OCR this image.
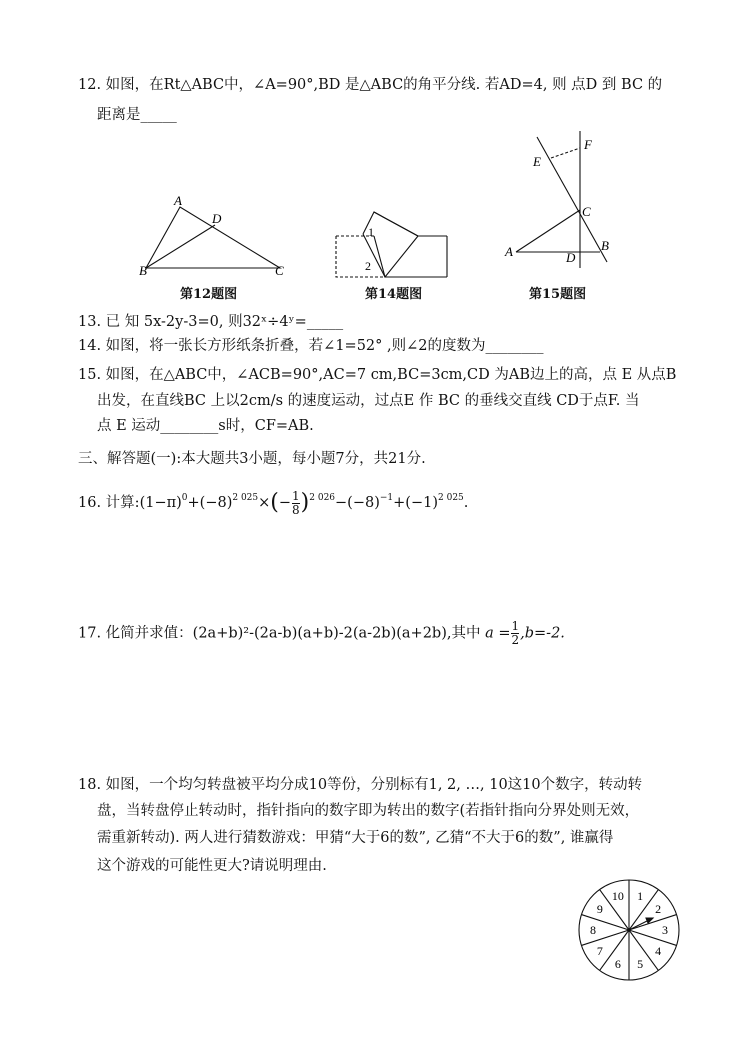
12. 如图，在Rt△ABC中，∠A=90°,BD 是△ABC的角平分线. 若AD=4, 则 点D 到 BC 的
距离是_____
A
D
B	C
1
2
F
E
C
A	B
D
1
2
3
4
5
6
7
8
9
10
第12题图	第14题图	第15题图
13. 已 知 5x-2y-3=0, 则32ˣ÷4ʸ=_____
14. 如图，将一张长方形纸条折叠，若∠1=52° ,则∠2的度数为________
15. 如图，在△ABC中，∠ACB=90°,AC=7 cm,BC=3cm,CD 为AB边上的高，点 E 从点B
出发，在直线BC 上以2cm/s 的速度运动，过点E 作 BC 的垂线交直线 CD于点F. 当
点 E 运动________s时，CF=AB.
三、解答题(一):本大题共3小题，每小题7分，共21分.
16. 计算$:(1-\pi)^0+(-8)^{2 025}\times(- \frac{1}{8} )^{2 026}-(-8)^{-1}+(-1)^{2 025}$.
17. 化简并求值：(2a+b)²-(2a-b)(a+b)-2(a-2b)(a+2b),其中 $a = \frac{1}{2} ,b=-2$.
18. 如图，一个均匀转盘被平均分成10等份，分别标有1, 2, …, 10这10个数字，转动转
盘，当转盘停止转动时，指针指向的数字即为转出的数字(若指针指向分界处则无效，
需重新转动). 两人进行猜数游戏：甲猜“大于6的数”, 乙猜“不大于6的数”, 谁赢得
这个游戏的可能性更大?请说明理由.
